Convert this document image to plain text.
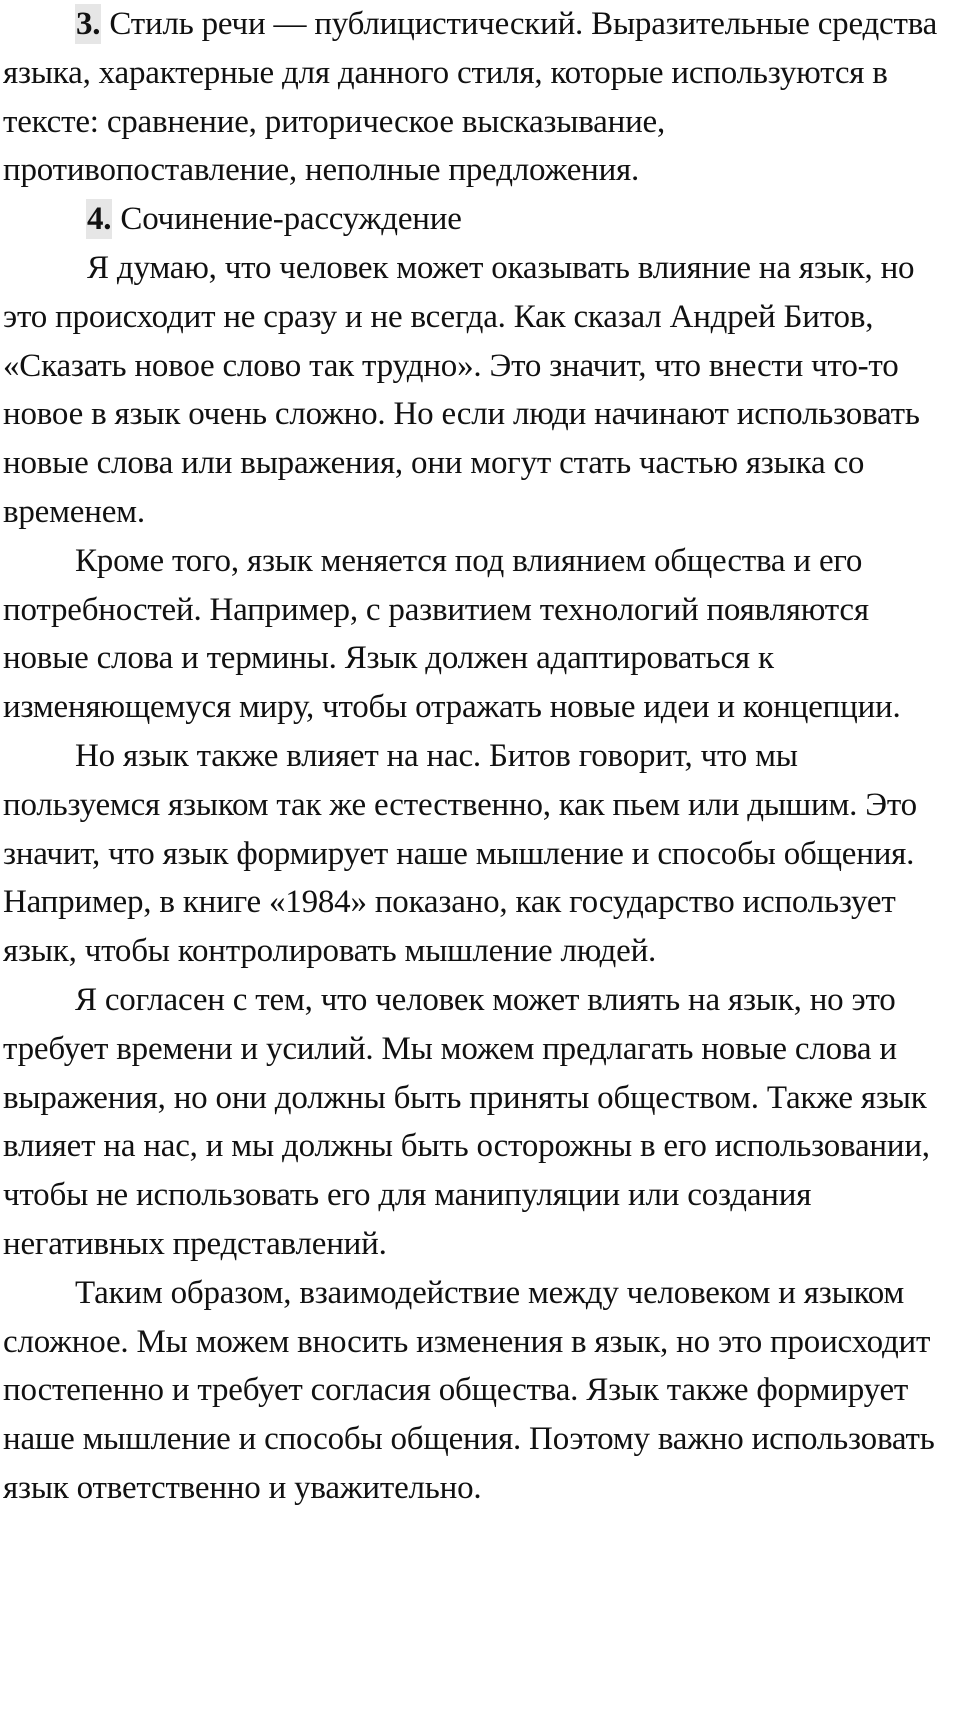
3. Стиль речи — публицистический. Выразительные средства языка, характерные для данного стиля, которые используются в тексте: сравнение, риторическое высказывание, противопоставление, неполные предложения.

4. Сочинение-рассуждение

Я думаю, что человек может оказывать влияние на язык, но это происходит не сразу и не всегда. Как сказал Андрей Битов, «Сказать новое слово так трудно». Это значит, что внести что-то новое в язык очень сложно. Но если люди начинают использовать новые слова или выражения, они могут стать частью языка со временем.

Кроме того, язык меняется под влиянием общества и его потребностей. Например, с развитием технологий появляются новые слова и термины. Язык должен адаптироваться к изменяющемуся миру, чтобы отражать новые идеи и концепции.

Но язык также влияет на нас. Битов говорит, что мы пользуемся языком так же естественно, как пьем или дышим. Это значит, что язык формирует наше мышление и способы общения. Например, в книге «1984» показано, как государство использует язык, чтобы контролировать мышление людей.

Я согласен с тем, что человек может влиять на язык, но это требует времени и усилий. Мы можем предлагать новые слова и выражения, но они должны быть приняты обществом. Также язык влияет на нас, и мы должны быть осторожны в его использовании, чтобы не использовать его для манипуляции или создания негативных представлений.

Таким образом, взаимодействие между человеком и языком сложное. Мы можем вносить изменения в язык, но это происходит постепенно и требует согласия общества. Язык также формирует наше мышление и способы общения. Поэтому важно использовать язык ответственно и уважительно.
